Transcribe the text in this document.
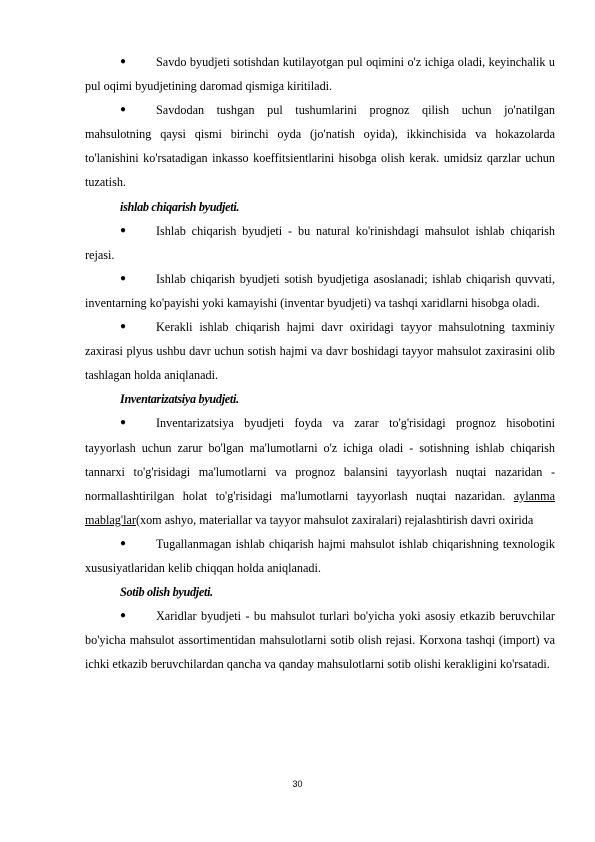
● Savdo byudjeti sotishdan kutilayotgan pul oqimini o'z ichiga oladi, keyinchalik u pul oqimi byudjetining daromad qismiga kiritiladi.

● Savdodan tushgan pul tushumlarini prognoz qilish uchun jo'natilgan mahsulotning qaysi qismi birinchi oyda (jo'natish oyida), ikkinchisida va hokazolarda to'lanishini ko'rsatadigan inkasso koeffitsientlarini hisobga olish kerak. umidsiz qarzlar uchun tuzatish.

ishlab chiqarish byudjeti.

● Ishlab chiqarish byudjeti - bu natural ko'rinishdagi mahsulot ishlab chiqarish rejasi.

● Ishlab chiqarish byudjeti sotish byudjetiga asoslanadi; ishlab chiqarish quvvati, inventarning ko'payishi yoki kamayishi (inventar byudjeti) va tashqi xaridlarni hisobga oladi.

● Kerakli ishlab chiqarish hajmi davr oxiridagi tayyor mahsulotning taxminiy zaxirasi plyus ushbu davr uchun sotish hajmi va davr boshidagi tayyor mahsulot zaxirasini olib tashlagan holda aniqlanadi.

Inventarizatsiya byudjeti.

● Inventarizatsiya byudjeti foyda va zarar to'g'risidagi prognoz hisobotini tayyorlash uchun zarur bo'lgan ma'lumotlarni o'z ichiga oladi - sotishning ishlab chiqarish tannarxi to'g'risidagi ma'lumotlarni va prognoz balansini tayyorlash nuqtai nazaridan - normallashtirilgan holat to'g'risidagi ma'lumotlarni tayyorlash nuqtai nazaridan. aylanma mablag'lar(xom ashyo, materiallar va tayyor mahsulot zaxiralari) rejalashtirish davri oxirida

● Tugallanmagan ishlab chiqarish hajmi mahsulot ishlab chiqarishning texnologik xususiyatlaridan kelib chiqqan holda aniqlanadi.

Sotib olish byudjeti.

● Xaridlar byudjeti - bu mahsulot turlari bo'yicha yoki asosiy etkazib beruvchilar bo'yicha mahsulot assortimentidan mahsulotlarni sotib olish rejasi. Korxona tashqi (import) va ichki etkazib beruvchilardan qancha va qanday mahsulotlarni sotib olishi kerakligini ko'rsatadi.

30
